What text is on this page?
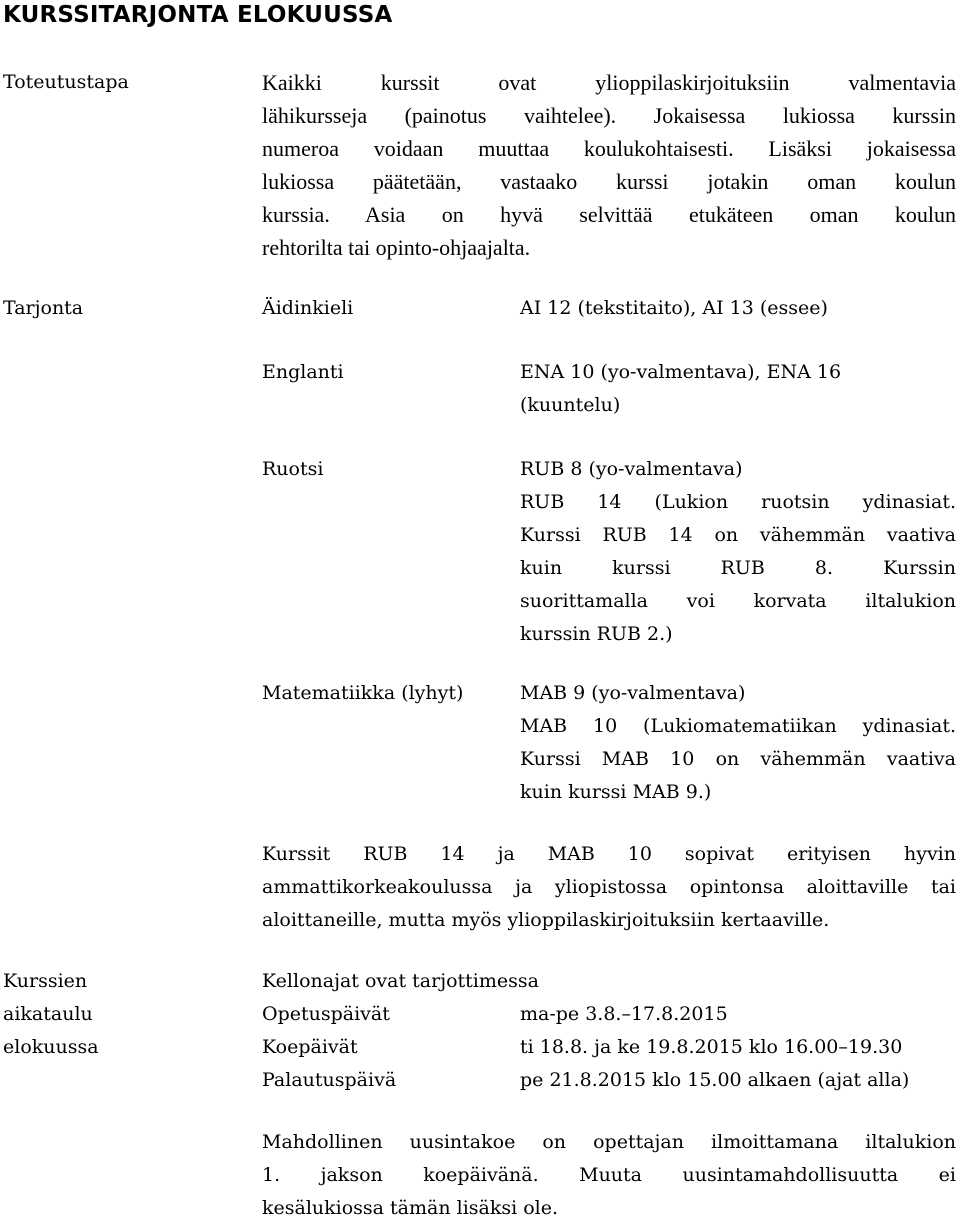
KURSSITARJONTA ELOKUUSSA
Toteutustapa	Kaikki kurssit ovat ylioppilaskirjoituksiin valmentavia
lähikursseja (painotus vaihtelee). Jokaisessa lukiossa kurssin
numeroa voidaan muuttaa koulukohtaisesti. Lisäksi jokaisessa
lukiossa päätetään, vastaako kurssi jotakin oman koulun
kurssia. Asia on hyvä selvittää etukäteen oman koulun
rehtorilta tai opinto-ohjaajalta.
Tarjonta	Äidinkieli	AI 12 (tekstitaito), AI 13 (essee)
Englanti	ENA 10 (yo-valmentava), ENA 16
(kuuntelu)
Ruotsi	RUB 8 (yo-valmentava)
RUB 14 (Lukion ruotsin ydinasiat.
Kurssi RUB 14 on vähemmän vaativa
kuin kurssi RUB 8. Kurssin
suorittamalla voi korvata iltalukion
kurssin RUB 2.)
Matematiikka (lyhyt)	MAB 9 (yo-valmentava)
MAB 10 (Lukiomatematiikan ydinasiat.
Kurssi MAB 10 on vähemmän vaativa
kuin kurssi MAB 9.)
Kurssit RUB 14 ja MAB 10 sopivat erityisen hyvin
ammattikorkeakoulussa ja yliopistossa opintonsa aloittaville tai
aloittaneille, mutta myös ylioppilaskirjoituksiin kertaaville.
Kurssien
aikataulu
elokuussa
Kellonajat ovat tarjottimessa
Opetuspäivät	ma-pe 3.8.–17.8.2015
Koepäivät	ti 18.8. ja ke 19.8.2015 klo 16.00–19.30
Palautuspäivä	pe 21.8.2015 klo 15.00 alkaen (ajat alla)
Mahdollinen uusintakoe on opettajan ilmoittamana iltalukion
1. jakson koepäivänä. Muuta uusintamahdollisuutta ei
kesälukiossa tämän lisäksi ole.
